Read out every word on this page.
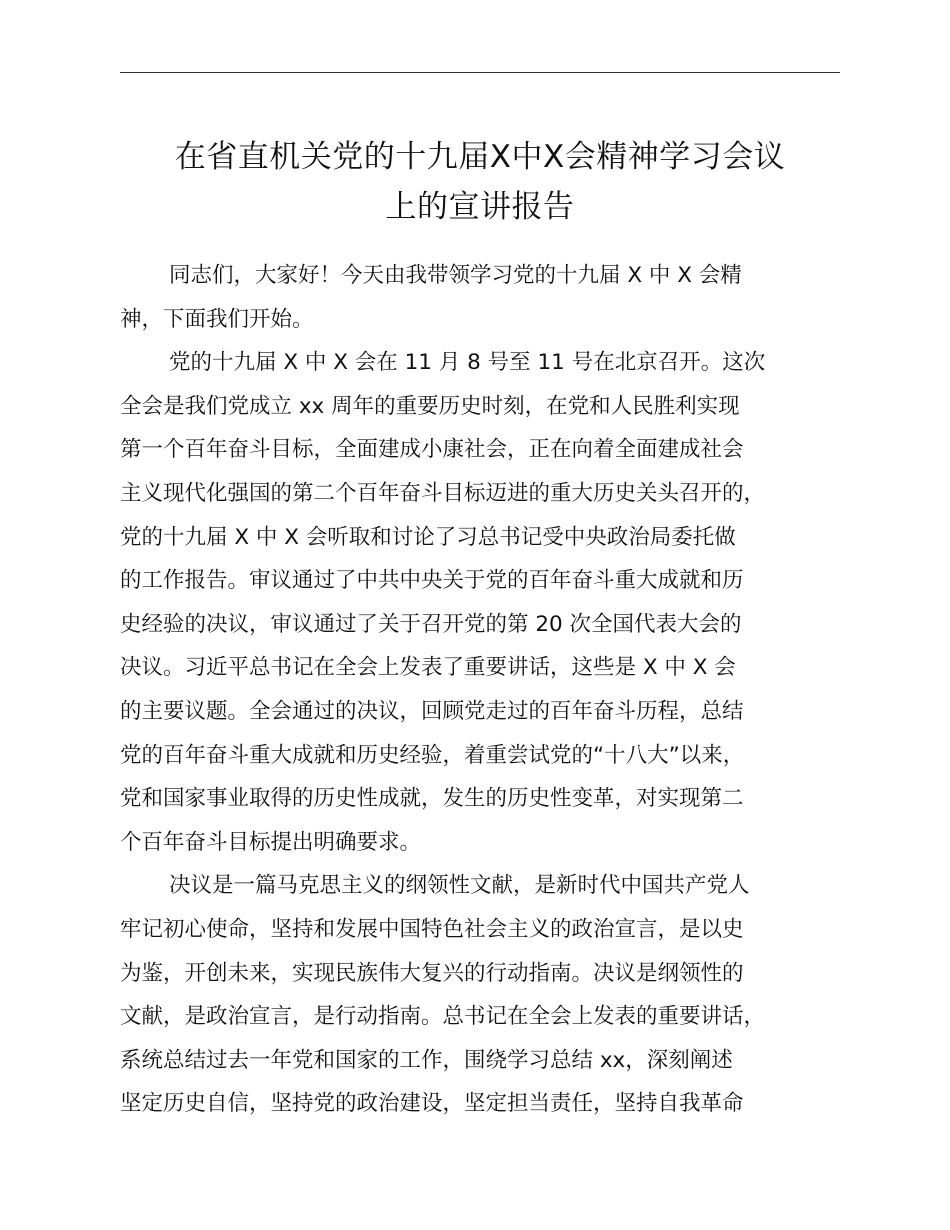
在省直机关党的十九届X中X会精神学习会议
上的宣讲报告

同志们，大家好！今天由我带领学习党的十九届 X 中 X 会精
神，下面我们开始。

党的十九届 X 中 X 会在 11 月 8 号至 11 号在北京召开。这次
全会是我们党成立 xx 周年的重要历史时刻，在党和人民胜利实现
第一个百年奋斗目标，全面建成小康社会，正在向着全面建成社会
主义现代化强国的第二个百年奋斗目标迈进的重大历史关头召开的，
党的十九届 X 中 X 会听取和讨论了习总书记受中央政治局委托做
的工作报告。审议通过了中共中央关于党的百年奋斗重大成就和历
史经验的决议，审议通过了关于召开党的第 20 次全国代表大会的
决议。习近平总书记在全会上发表了重要讲话，这些是 X 中 X 会
的主要议题。全会通过的决议，回顾党走过的百年奋斗历程，总结
党的百年奋斗重大成就和历史经验，着重尝试党的“十八大”以来，
党和国家事业取得的历史性成就，发生的历史性变革，对实现第二
个百年奋斗目标提出明确要求。

决议是一篇马克思主义的纲领性文献，是新时代中国共产党人
牢记初心使命，坚持和发展中国特色社会主义的政治宣言，是以史
为鉴，开创未来，实现民族伟大复兴的行动指南。决议是纲领性的
文献，是政治宣言，是行动指南。总书记在全会上发表的重要讲话，
系统总结过去一年党和国家的工作，围绕学习总结 xx，深刻阐述
坚定历史自信，坚持党的政治建设，坚定担当责任，坚持自我革命
